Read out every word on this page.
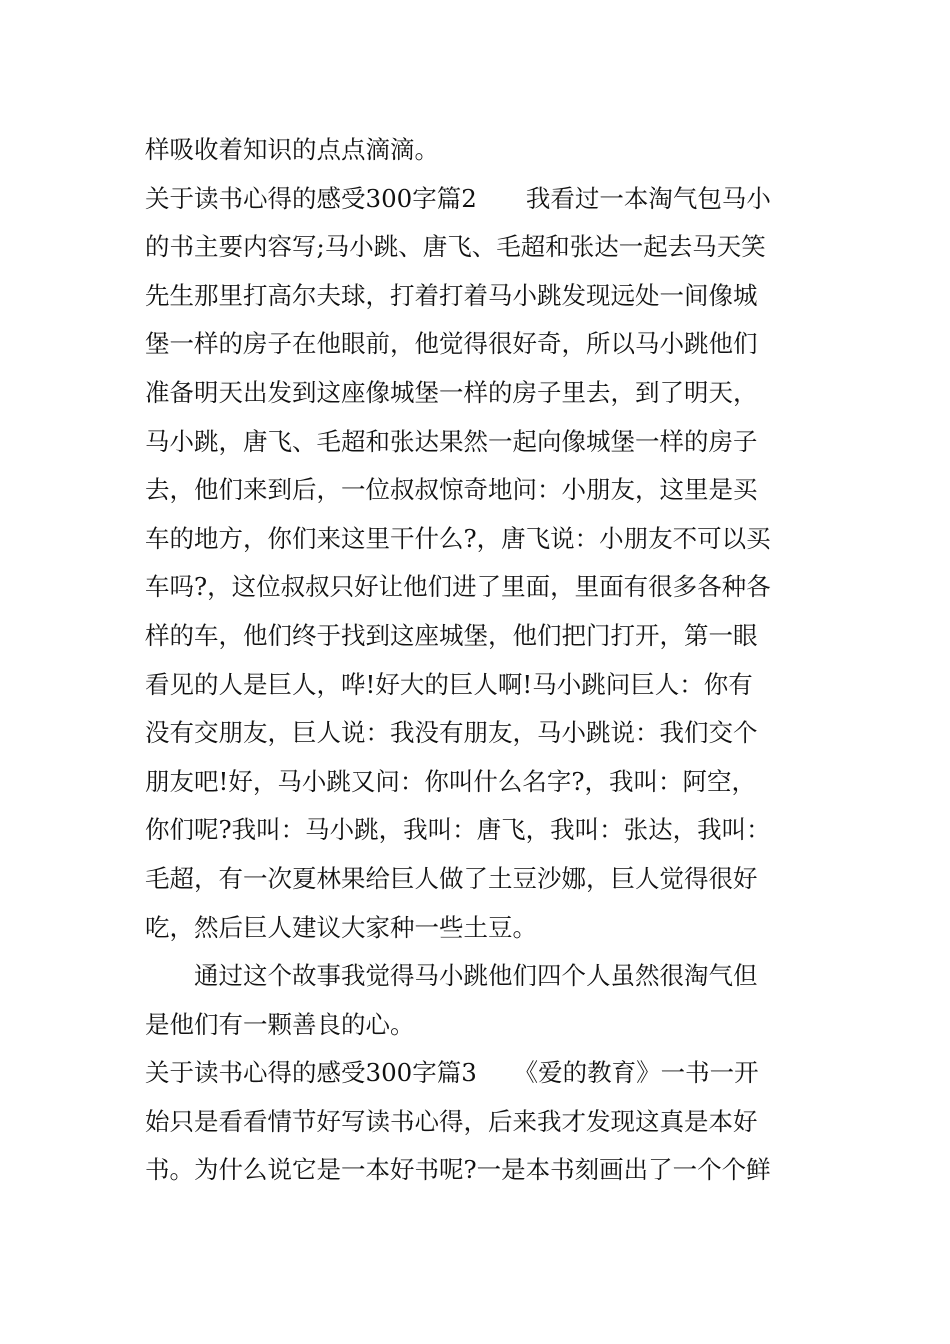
样吸收着知识的点点滴滴。
关于读书心得的感受300字篇2　　我看过一本淘气包马小
的书主要内容写;马小跳、唐飞、毛超和张达一起去马天笑
先生那里打高尔夫球，打着打着马小跳发现远处一间像城
堡一样的房子在他眼前，他觉得很好奇，所以马小跳他们
准备明天出发到这座像城堡一样的房子里去，到了明天，
马小跳，唐飞、毛超和张达果然一起向像城堡一样的房子
去，他们来到后，一位叔叔惊奇地问：小朋友，这里是买
车的地方，你们来这里干什么?，唐飞说：小朋友不可以买
车吗?，这位叔叔只好让他们进了里面，里面有很多各种各
样的车，他们终于找到这座城堡，他们把门打开，第一眼
看见的人是巨人，哗!好大的巨人啊!马小跳问巨人：你有
没有交朋友，巨人说：我没有朋友，马小跳说：我们交个
朋友吧!好，马小跳又问：你叫什么名字?，我叫：阿空，
你们呢?我叫：马小跳，我叫：唐飞，我叫：张达，我叫：
毛超，有一次夏林果给巨人做了土豆沙娜，巨人觉得很好
吃，然后巨人建议大家种一些土豆。
　　通过这个故事我觉得马小跳他们四个人虽然很淘气但
是他们有一颗善良的心。
关于读书心得的感受300字篇3　　《爱的教育》一书一开
始只是看看情节好写读书心得，后来我才发现这真是本好
书。为什么说它是一本好书呢?一是本书刻画出了一个个鲜
